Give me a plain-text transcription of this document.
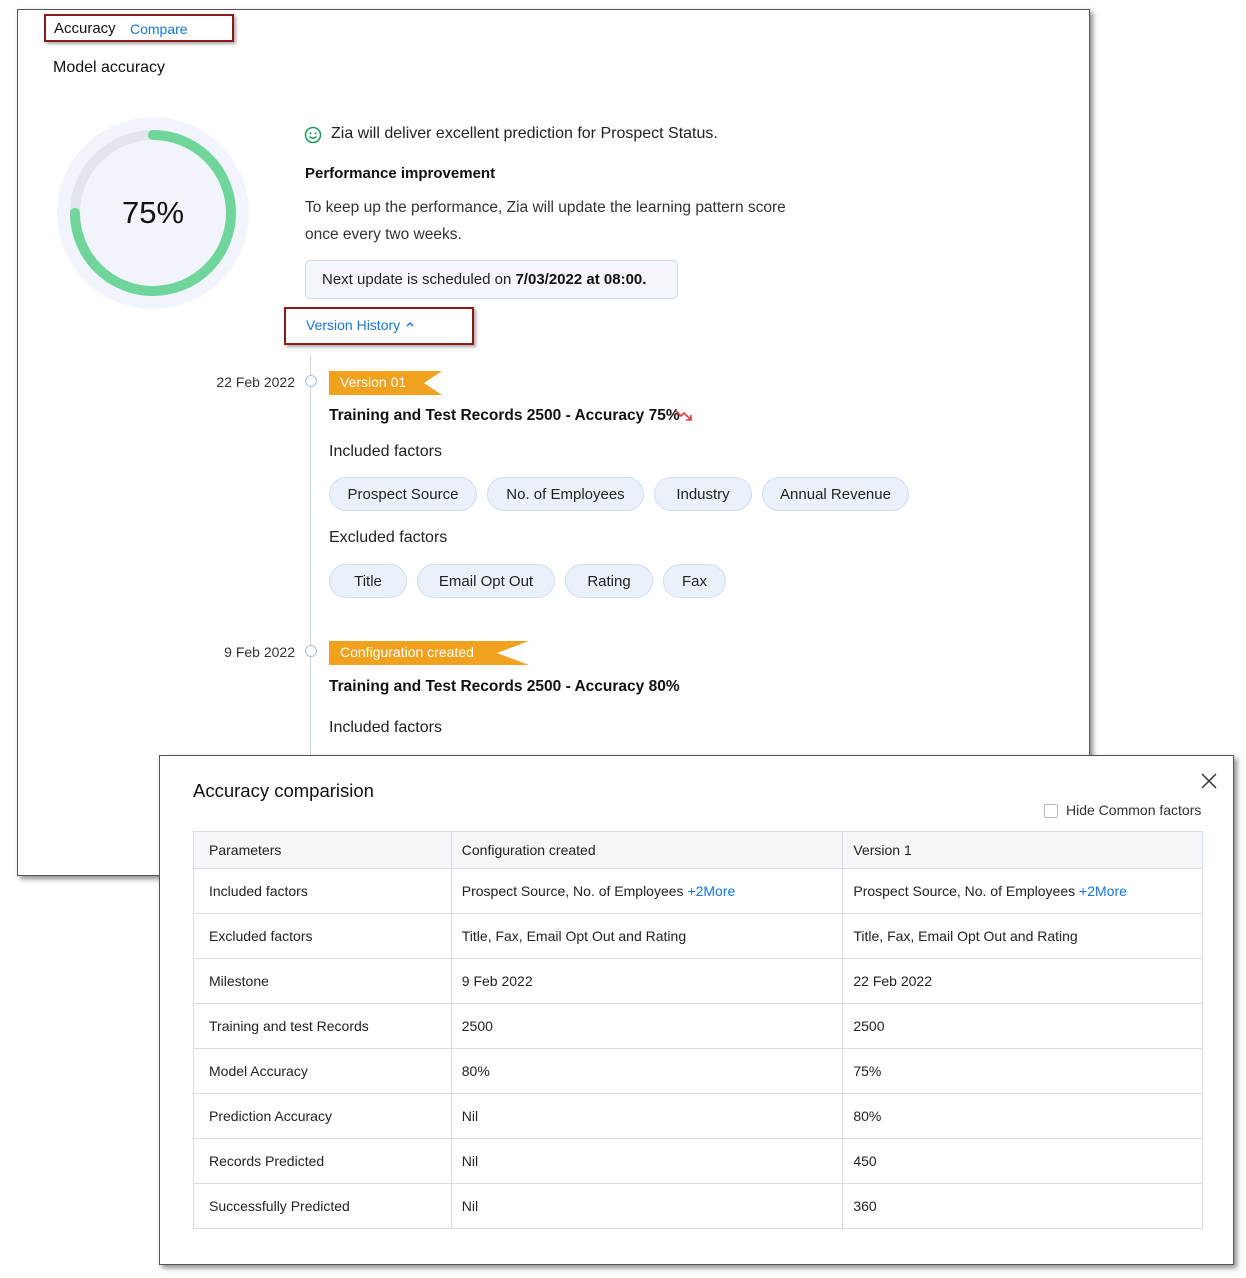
Accuracy Compare
Model accuracy
75%
Zia will deliver excellent prediction for Prospect Status.
Performance improvement
To keep up the performance, Zia will update the learning pattern score
once every two weeks.
Next update is scheduled on 7/03/2022 at 08:00.
Version History
22 Feb 2022	Version 01
Training and Test Records 2500 - Accuracy 75%
Included factors
Prospect Source	No. of Employees	Industry	Annual Revenue
Excluded factors
Title	Email Opt Out	Rating	Fax
9 Feb 2022	Configuration created
Training and Test Records 2500 - Accuracy 80%
Included factors
Accuracy comparision
Hide Common factors
Parameters	Configuration created	Version 1
Included factors	Prospect Source, No. of Employees +2More	Prospect Source, No. of Employees +2More
Excluded factors	Title, Fax, Email Opt Out and Rating	Title, Fax, Email Opt Out and Rating
Milestone	9 Feb 2022	22 Feb 2022
Training and test Records	2500	2500
Model Accuracy	80%	75%
Prediction Accuracy	Nil	80%
Records Predicted	Nil	450
Successfully Predicted	Nil	360
